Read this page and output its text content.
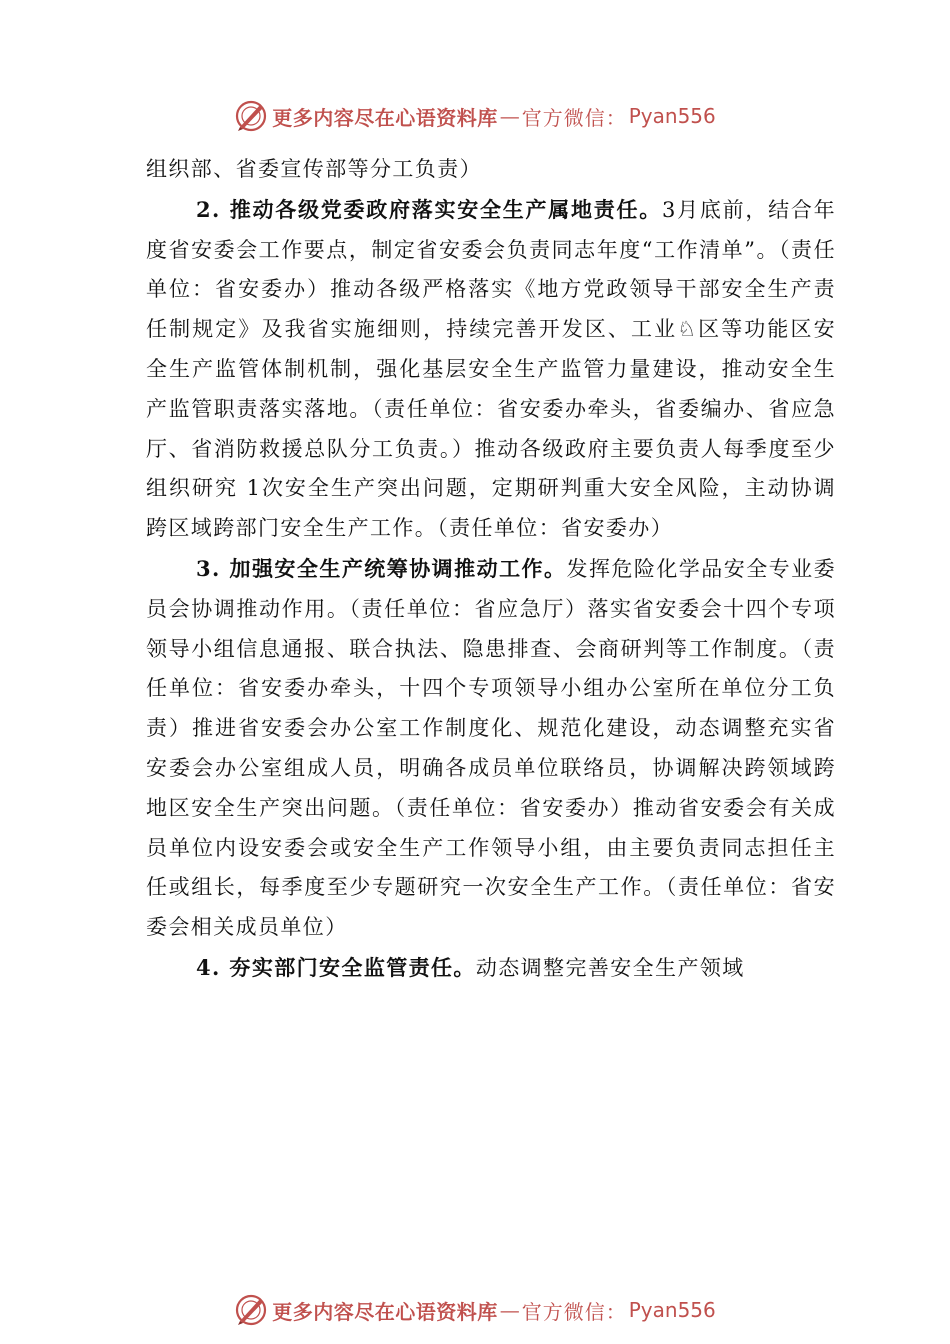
更多内容尽在心语资料库 — 官方微信： Pyan556

组织部、省委宣传部等分工负责）

2. 推动各级党委政府落实安全生产属地责任。3月底前，结合年度省安委会工作要点，制定省安委会负责同志年度“工作清单”。（责任单位：省安委办）推动各级严格落实《地方党政领导干部安全生产责任制规定》及我省实施细则，持续完善开发区、工业♘区等功能区安全生产监管体制机制，强化基层安全生产监管力量建设，推动安全生产监管职责落实落地。（责任单位：省安委办牵头，省委编办、省应急厅、省消防救援总队分工负责。）推动各级政府主要负责人每季度至少组织研究 1次安全生产突出问题，定期研判重大安全风险，主动协调跨区域跨部门安全生产工作。（责任单位：省安委办）

3. 加强安全生产统筹协调推动工作。发挥危险化学品安全专业委员会协调推动作用。（责任单位：省应急厅）落实省安委会十四个专项领导小组信息通报、联合执法、隐患排查、会商研判等工作制度。（责任单位：省安委办牵头，十四个专项领导小组办公室所在单位分工负责）推进省安委会办公室工作制度化、规范化建设，动态调整充实省安委会办公室组成人员，明确各成员单位联络员，协调解决跨领域跨地区安全生产突出问题。（责任单位：省安委办）推动省安委会有关成员单位内设安委会或安全生产工作领导小组，由主要负责同志担任主任或组长，每季度至少专题研究一次安全生产工作。（责任单位：省安委会相关成员单位）

4. 夯实部门安全监管责任。动态调整完善安全生产领域

更多内容尽在心语资料库 — 官方微信： Pyan556
